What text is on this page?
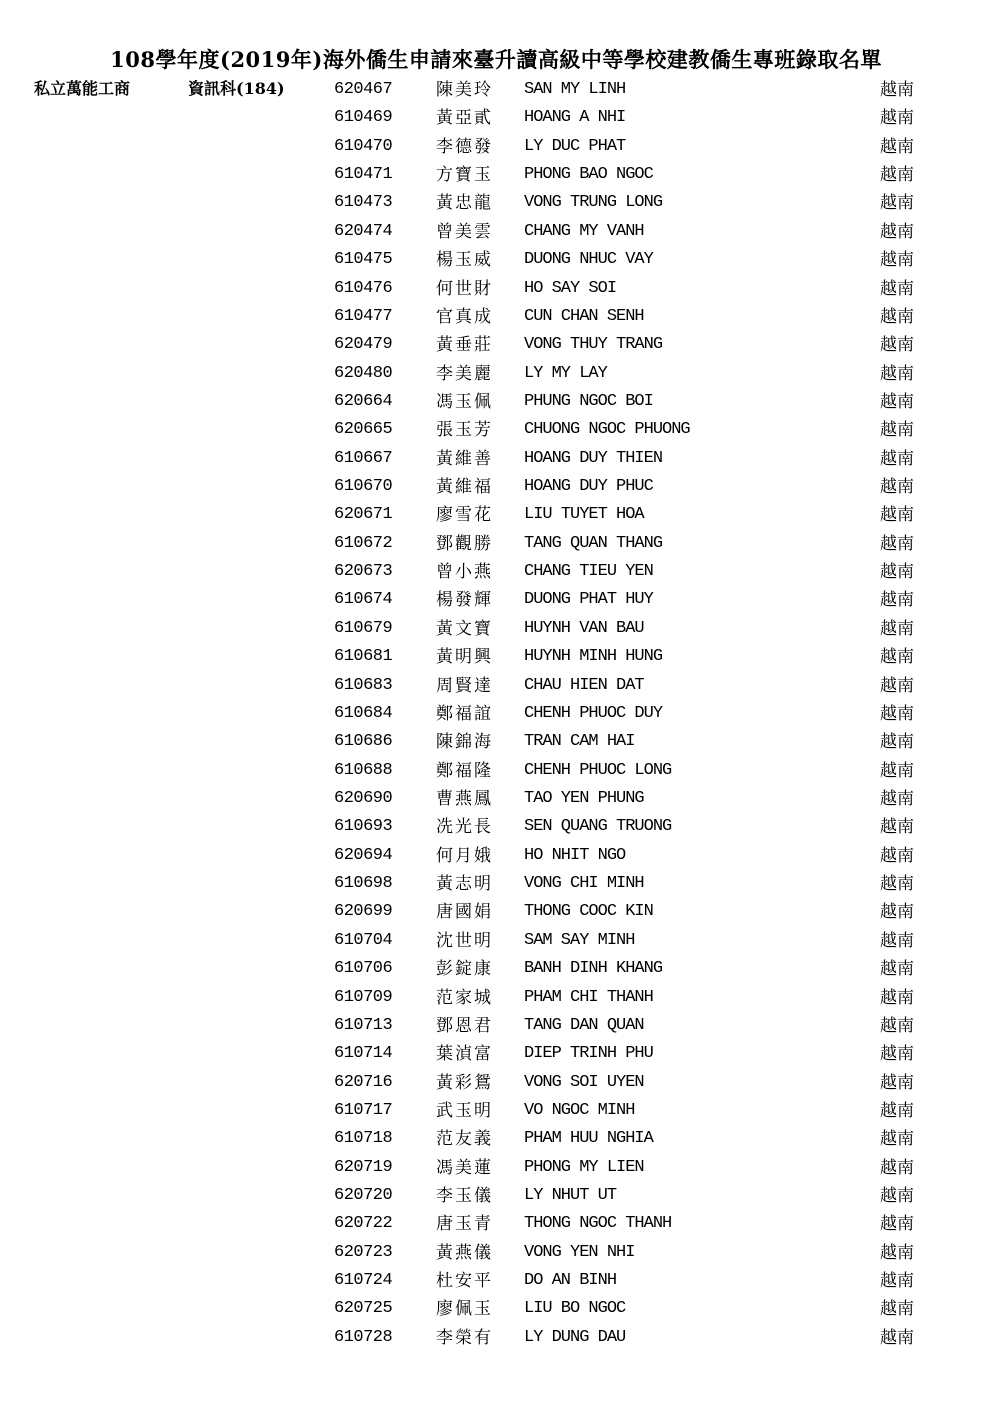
108學年度(2019年)海外僑生申請來臺升讀高級中等學校建教僑生專班錄取名單
私立萬能工商	資訊科(184)	620467	陳美玲 SAN MY LINH	越南
610469	黃亞貳 HOANG A NHI	越南
610470	李德發 LY DUC PHAT	越南
610471	方寶玉 PHONG BAO NGOC	越南
610473	黃忠龍 VONG TRUNG LONG	越南
620474	曾美雲 CHANG MY VANH	越南
610475	楊玉威 DUONG NHUC VAY	越南
610476	何世財 HO SAY SOI	越南
610477	官真成 CUN CHAN SENH	越南
620479	黃垂莊 VONG THUY TRANG	越南
620480	李美麗 LY MY LAY	越南
620664	馮玉佩 PHUNG NGOC BOI	越南
620665	張玉芳 CHUONG NGOC PHUONG	越南
610667	黃維善 HOANG DUY THIEN	越南
610670	黃維福 HOANG DUY PHUC	越南
620671	廖雪花 LIU TUYET HOA	越南
610672	鄧觀勝 TANG QUAN THANG	越南
620673	曾小燕 CHANG TIEU YEN	越南
610674	楊發輝 DUONG PHAT HUY	越南
610679	黃文寶 HUYNH VAN BAU	越南
610681	黃明興 HUYNH MINH HUNG	越南
610683	周賢達 CHAU HIEN DAT	越南
610684	鄭福誼 CHENH PHUOC DUY	越南
610686	陳錦海 TRAN CAM HAI	越南
610688	鄭福隆 CHENH PHUOC LONG	越南
620690	曹燕鳳 TAO YEN PHUNG	越南
610693	冼光長 SEN QUANG TRUONG	越南
620694	何月娥 HO NHIT NGO	越南
610698	黃志明 VONG CHI MINH	越南
620699	唐國娟 THONG COOC KIN	越南
610704	沈世明 SAM SAY MINH	越南
610706	彭錠康 BANH DINH KHANG	越南
610709	范家城 PHAM CHI THANH	越南
610713	鄧恩君 TANG DAN QUAN	越南
610714	葉湞富 DIEP TRINH PHU	越南
620716	黃彩鴛 VONG SOI UYEN	越南
610717	武玉明 VO NGOC MINH	越南
610718	范友義 PHAM HUU NGHIA	越南
620719	馮美蓮 PHONG MY LIEN	越南
620720	李玉儀 LY NHUT UT	越南
620722	唐玉青 THONG NGOC THANH	越南
620723	黃燕儀 VONG YEN NHI	越南
610724	杜安平 DO AN BINH	越南
620725	廖佩玉 LIU BO NGOC	越南
610728	李榮有 LY DUNG DAU	越南
